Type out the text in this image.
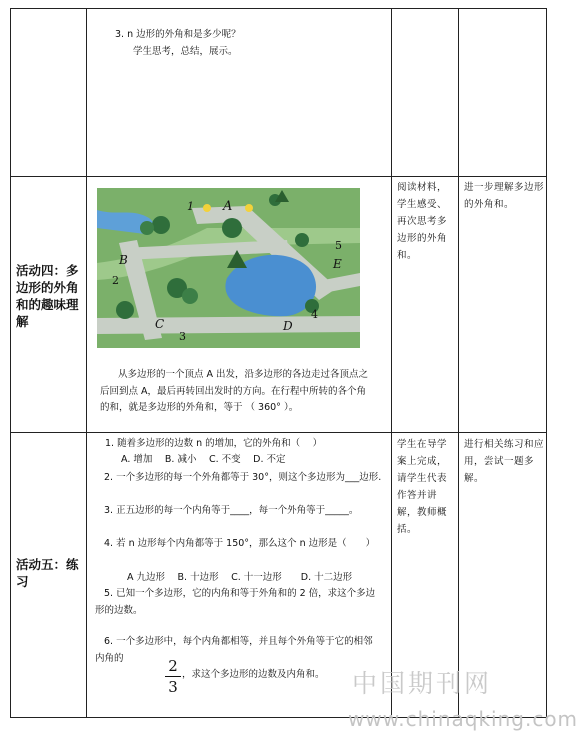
3. n 边形的外角和是多少呢？
学生思考，总结，展示。
活动四：多边形的外角和的趣味理解
1 A
B
2
C
3
D
4
E
5
从多边形的一个顶点 A 出发，沿多边形的各边走过各顶点之后回到点 A，最后再转回出发时的方向。在行程中所转的各个角的和，就是多边形的外角和，等于 （ 360° ）。
阅读材料，学生感受、再次思考多边形的外角和。
进一步理解多边形的外角和。
活动五：练习
1. 随着多边形的边数 n 的增加，它的外角和（　 ）
A. 增加　 B. 减小　 C. 不变　 D. 不定
2. 一个多边形的每一个外角都等于 30°，则这个多边形为___边形.
3. 正五边形的每一个内角等于____，每一个外角等于_____。
4. 若 n 边形每个内角都等于 150°，那么这个 n 边形是（　　）
A 九边形　 B. 十边形　 C. 十一边形　　D. 十二边形
5. 已知一个多边形，它的内角和等于外角和的 2 倍，求这个多边形的边数。
6. 一个多边形中，每个内角都相等，并且每个外角等于它的相邻内角的	2
3
，求这个多边形的边数及内角和。
学生在导学案上完成，请学生代表作答并讲解，教师概括。
进行相关练习和应用，尝试一题多解。
中国期刊网
www.chinaqking.com
